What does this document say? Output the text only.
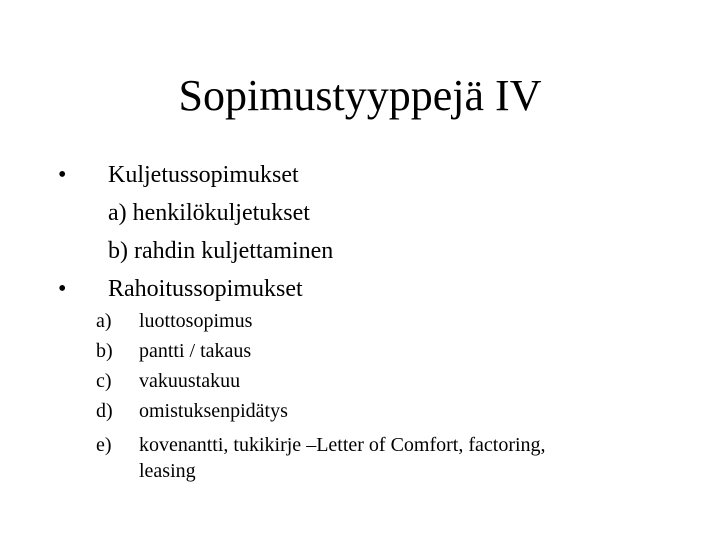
Sopimustyyppejä IV
• Kuljetussopimukset
a) henkilökuljetukset
b) rahdin kuljettaminen
• Rahoitussopimukset
a) luottosopimus
b) pantti / takaus
c) vakuustakuu
d) omistuksenpidätys
e) kovenantti, tukikirje –Letter of Comfort, factoring,
leasing
